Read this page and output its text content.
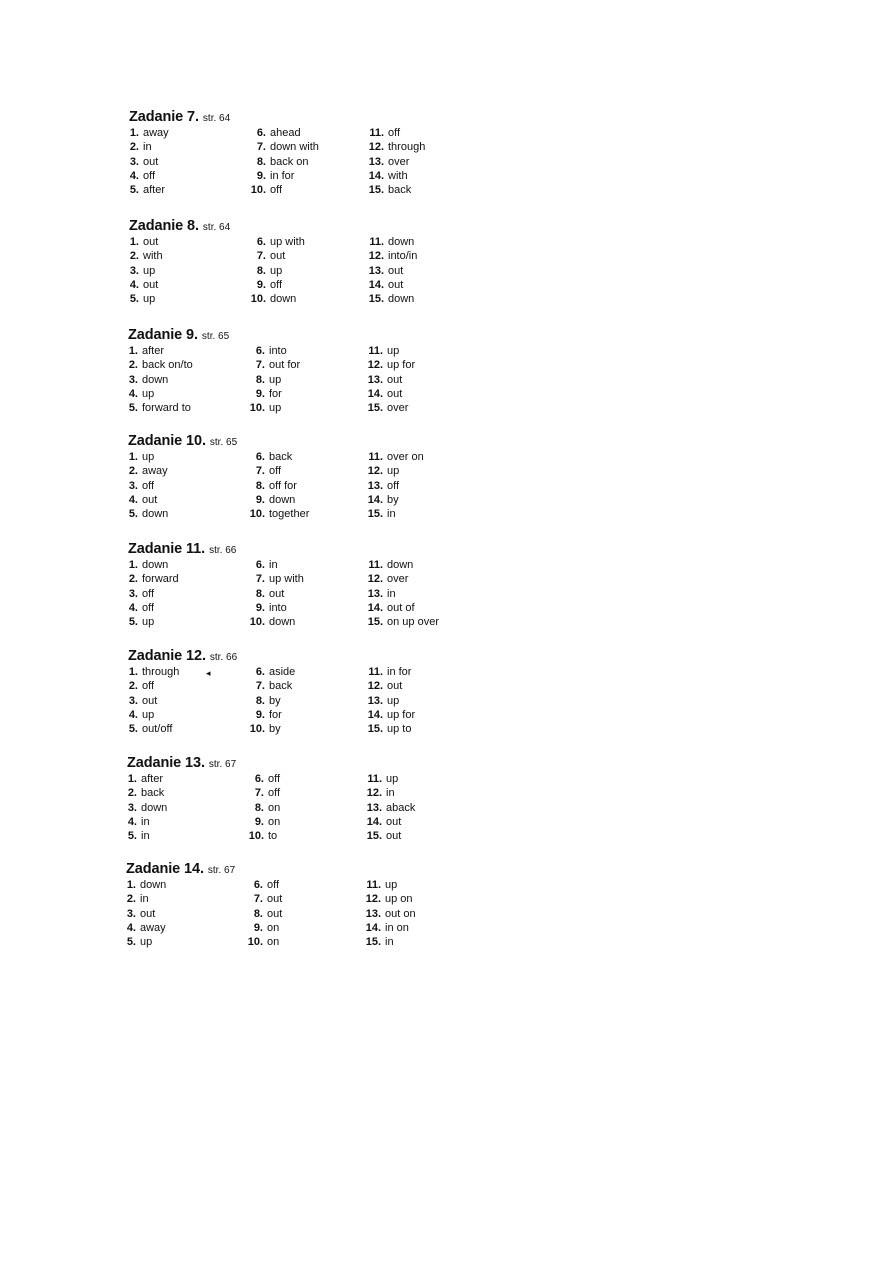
Zadanie 7. str. 64
1. away
2. in
3. out
4. off
5. after
6. ahead
7. down with
8. back on
9. in for
10. off
11. off
12. through
13. over
14. with
15. back
Zadanie 8. str. 64
1. out
2. with
3. up
4. out
5. up
6. up with
7. out
8. up
9. off
10. down
11. down
12. into/in
13. out
14. out
15. down
Zadanie 9. str. 65
1. after
2. back on/to
3. down
4. up
5. forward to
6. into
7. out for
8. up
9. for
10. up
11. up
12. up for
13. out
14. out
15. over
Zadanie 10. str. 65
1. up
2. away
3. off
4. out
5. down
6. back
7. off
8. off for
9. down
10. together
11. over on
12. up
13. off
14. by
15. in
Zadanie 11. str. 66
1. down
2. forward
3. off
4. off
5. up
6. in
7. up with
8. out
9. into
10. down
11. down
12. over
13. in
14. out of
15. on up over
Zadanie 12. str. 66
1. through
2. off
3. out
4. up
5. out/off
6. aside
7. back
8. by
9. for
10. by
11. in for
12. out
13. up
14. up for
15. up to
◂
Zadanie 13. str. 67
1. after
2. back
3. down
4. in
5. in
6. off
7. off
8. on
9. on
10. to
11. up
12. in
13. aback
14. out
15. out
Zadanie 14. str. 67
1. down
2. in
3. out
4. away
5. up
6. off
7. out
8. out
9. on
10. on
11. up
12. up on
13. out on
14. in on
15. in
